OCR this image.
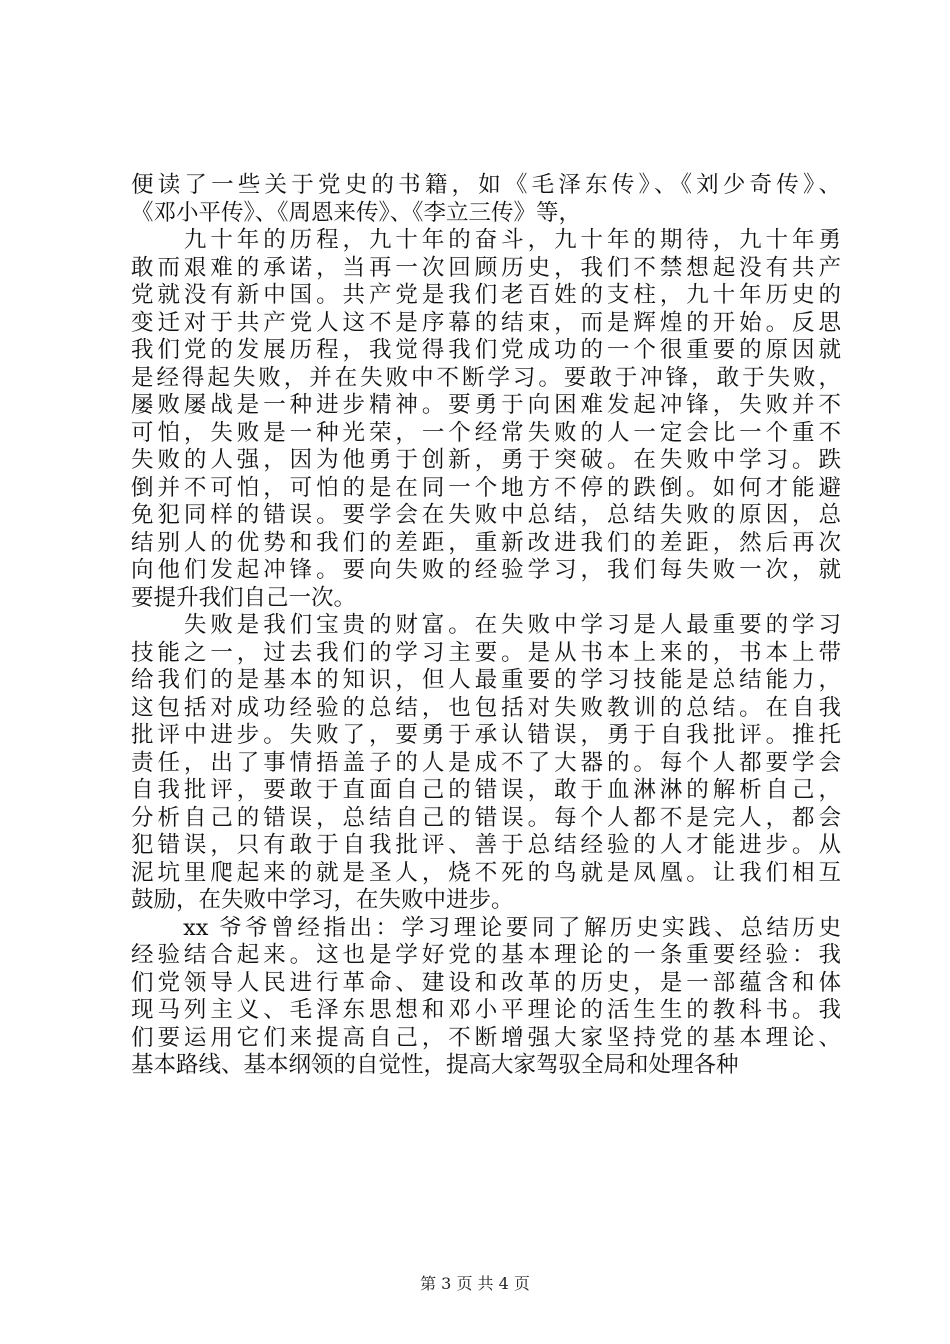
便读了一些关于党史的书籍，如《毛泽东传》、《刘少奇传》、
《邓小平传》、《周恩来传》、《李立三传》等，
　　九十年的历程，九十年的奋斗，九十年的期待，九十年勇
敢而艰难的承诺，当再一次回顾历史，我们不禁想起没有共产
党就没有新中国。共产党是我们老百姓的支柱，九十年历史的
变迁对于共产党人这不是序幕的结束，而是辉煌的开始。反思
我们党的发展历程，我觉得我们党成功的一个很重要的原因就
是经得起失败，并在失败中不断学习。要敢于冲锋，敢于失败，
屡败屡战是一种进步精神。要勇于向困难发起冲锋，失败并不
可怕，失败是一种光荣，一个经常失败的人一定会比一个重不
失败的人强，因为他勇于创新，勇于突破。在失败中学习。跌
倒并不可怕，可怕的是在同一个地方不停的跌倒。如何才能避
免犯同样的错误。要学会在失败中总结，总结失败的原因，总
结别人的优势和我们的差距，重新改进我们的差距，然后再次
向他们发起冲锋。要向失败的经验学习，我们每失败一次，就
要提升我们自己一次。
　　失败是我们宝贵的财富。在失败中学习是人最重要的学习
技能之一，过去我们的学习主要。是从书本上来的，书本上带
给我们的是基本的知识，但人最重要的学习技能是总结能力，
这包括对成功经验的总结，也包括对失败教训的总结。在自我
批评中进步。失败了，要勇于承认错误，勇于自我批评。推托
责任，出了事情捂盖子的人是成不了大器的。每个人都要学会
自我批评，要敢于直面自己的错误，敢于血淋淋的解析自己，
分析自己的错误，总结自己的错误。每个人都不是完人，都会
犯错误，只有敢于自我批评、善于总结经验的人才能进步。从
泥坑里爬起来的就是圣人，烧不死的鸟就是凤凰。让我们相互
鼓励，在失败中学习，在失败中进步。
　　xx 爷爷曾经指出：学习理论要同了解历史实践、总结历史
经验结合起来。这也是学好党的基本理论的一条重要经验：我
们党领导人民进行革命、建设和改革的历史，是一部蕴含和体
现马列主义、毛泽东思想和邓小平理论的活生生的教科书。我
们要运用它们来提高自己，不断增强大家坚持党的基本理论、
基本路线、基本纲领的自觉性，提高大家驾驭全局和处理各种
第 3 页 共 4 页
